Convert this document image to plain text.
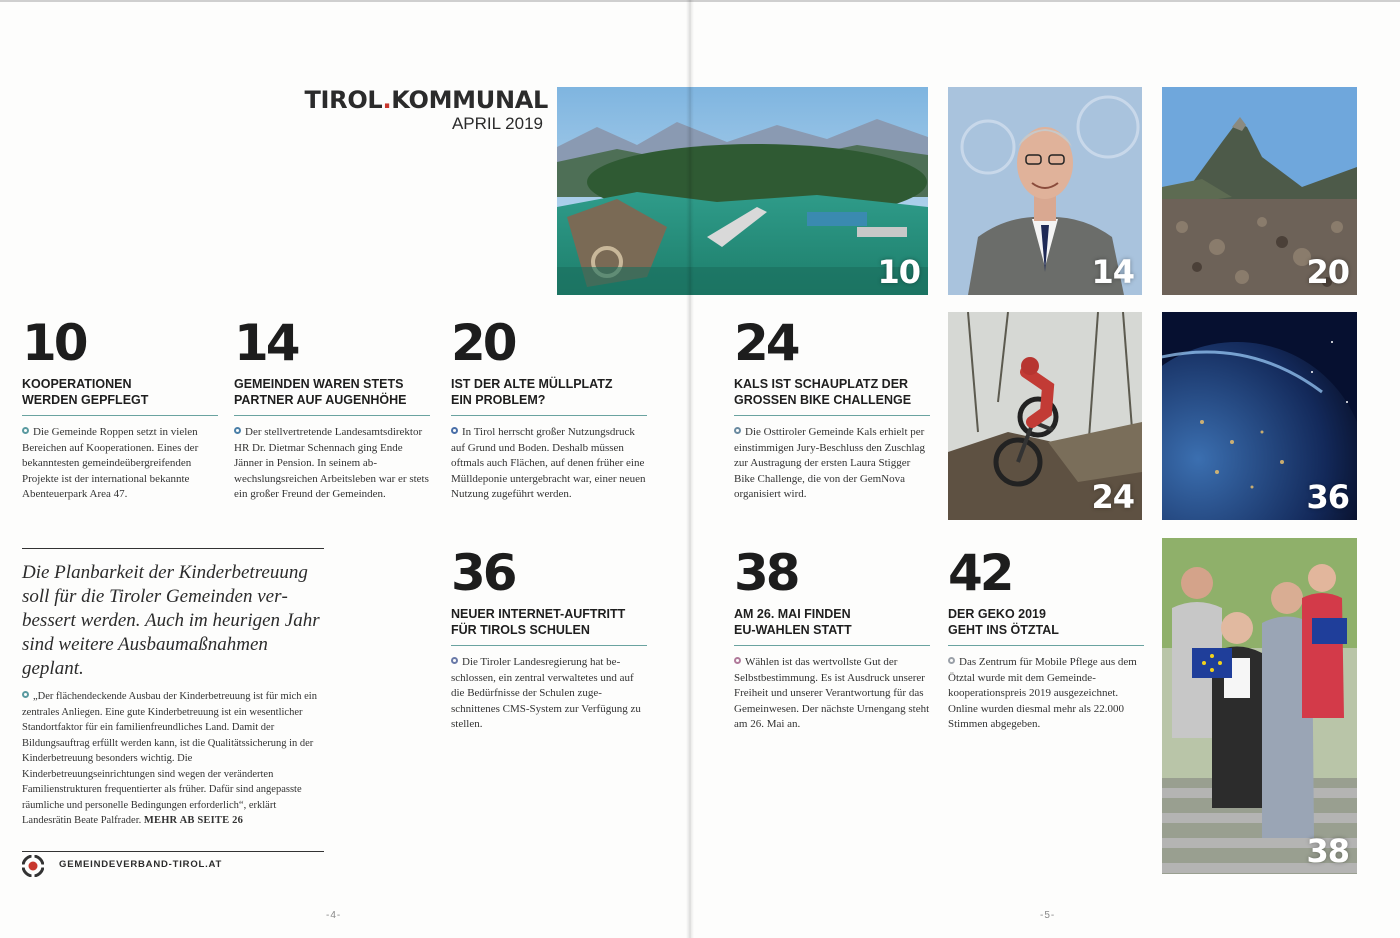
TIROL.KOMMUNAL
APRIL 2019
10	14	20
24	36
38
10
KOOPERATIONEN
WERDEN GEPFLEGT
Die Gemeinde Roppen setzt in vielen Bereichen auf Kooperationen. Eines der bekanntesten gemeindeübergreifenden Projekte ist der international bekannte Abenteuerpark Area 47.
14
GEMEINDEN WAREN STETS
PARTNER AUF AUGENHÖHE
Der stellvertretende Landesamtsdirektor HR Dr. Dietmar Schennach ging Ende Jänner in Pension. In seinem abwechslungsreichen Arbeitsleben war er stets ein großer Freund der Gemeinden.
20
IST DER ALTE MÜLLPLATZ
EIN PROBLEM?
In Tirol herrscht großer Nutzungsdruck auf Grund und Boden. Deshalb müssen oftmals auch Flächen, auf denen früher eine Mülldeponie untergebracht war, einer neuen Nutzung zugeführt werden.
24
KALS IST SCHAUPLATZ DER
GROSSEN BIKE CHALLENGE
Die Osttiroler Gemeinde Kals erhielt per einstimmigen Jury-Beschluss den Zuschlag zur Austragung der ersten Laura Stigger Bike Challenge, die von der GemNova organisiert wird.
36
NEUER INTERNET-AUFTRITT
FÜR TIROLS SCHULEN
Die Tiroler Landesregierung hat beschlossen, ein zentral verwaltetes und auf die Bedürfnisse der Schulen zugeschnittenes CMS-System zur Verfügung zu stellen.
38
AM 26. MAI FINDEN
EU-WAHLEN STATT
Wählen ist das wertvollste Gut der Selbstbestimmung. Es ist Ausdruck unserer Freiheit und unserer Verantwortung für das Gemeinwesen. Der nächste Urnengang steht am 26. Mai an.
42
DER GEKO 2019
GEHT INS ÖTZTAL
Das Zentrum für Mobile Pflege aus dem Ötztal wurde mit dem Gemeindekooperationspreis 2019 ausgezeichnet. Online wurden diesmal mehr als 22.000 Stimmen abgegeben.
Die Planbarkeit der Kinderbetreuung soll für die Tiroler Gemeinden verbessert werden. Auch im heurigen Jahr sind weitere Ausbaumaßnahmen geplant.
„Der flächendeckende Ausbau der Kinderbetreuung ist für mich ein zentrales Anliegen. Eine gute Kinderbetreuung ist ein wesentlicher Standortfaktor für ein familienfreundliches Land. Damit der Bildungsauftrag erfüllt werden kann, ist die Qualitätssicherung in der Kinderbetreuung besonders wichtig. Die Kinderbetreuungseinrichtungen sind wegen der veränderten Familienstrukturen frequentierter als früher. Dafür sind angepasste räumliche und personelle Bedingungen erforderlich“, erklärt Landesrätin Beate Palfrader. MEHR AB SEITE 26
GEMEINDEVERBAND-TIROL.AT
-4-	-5-
